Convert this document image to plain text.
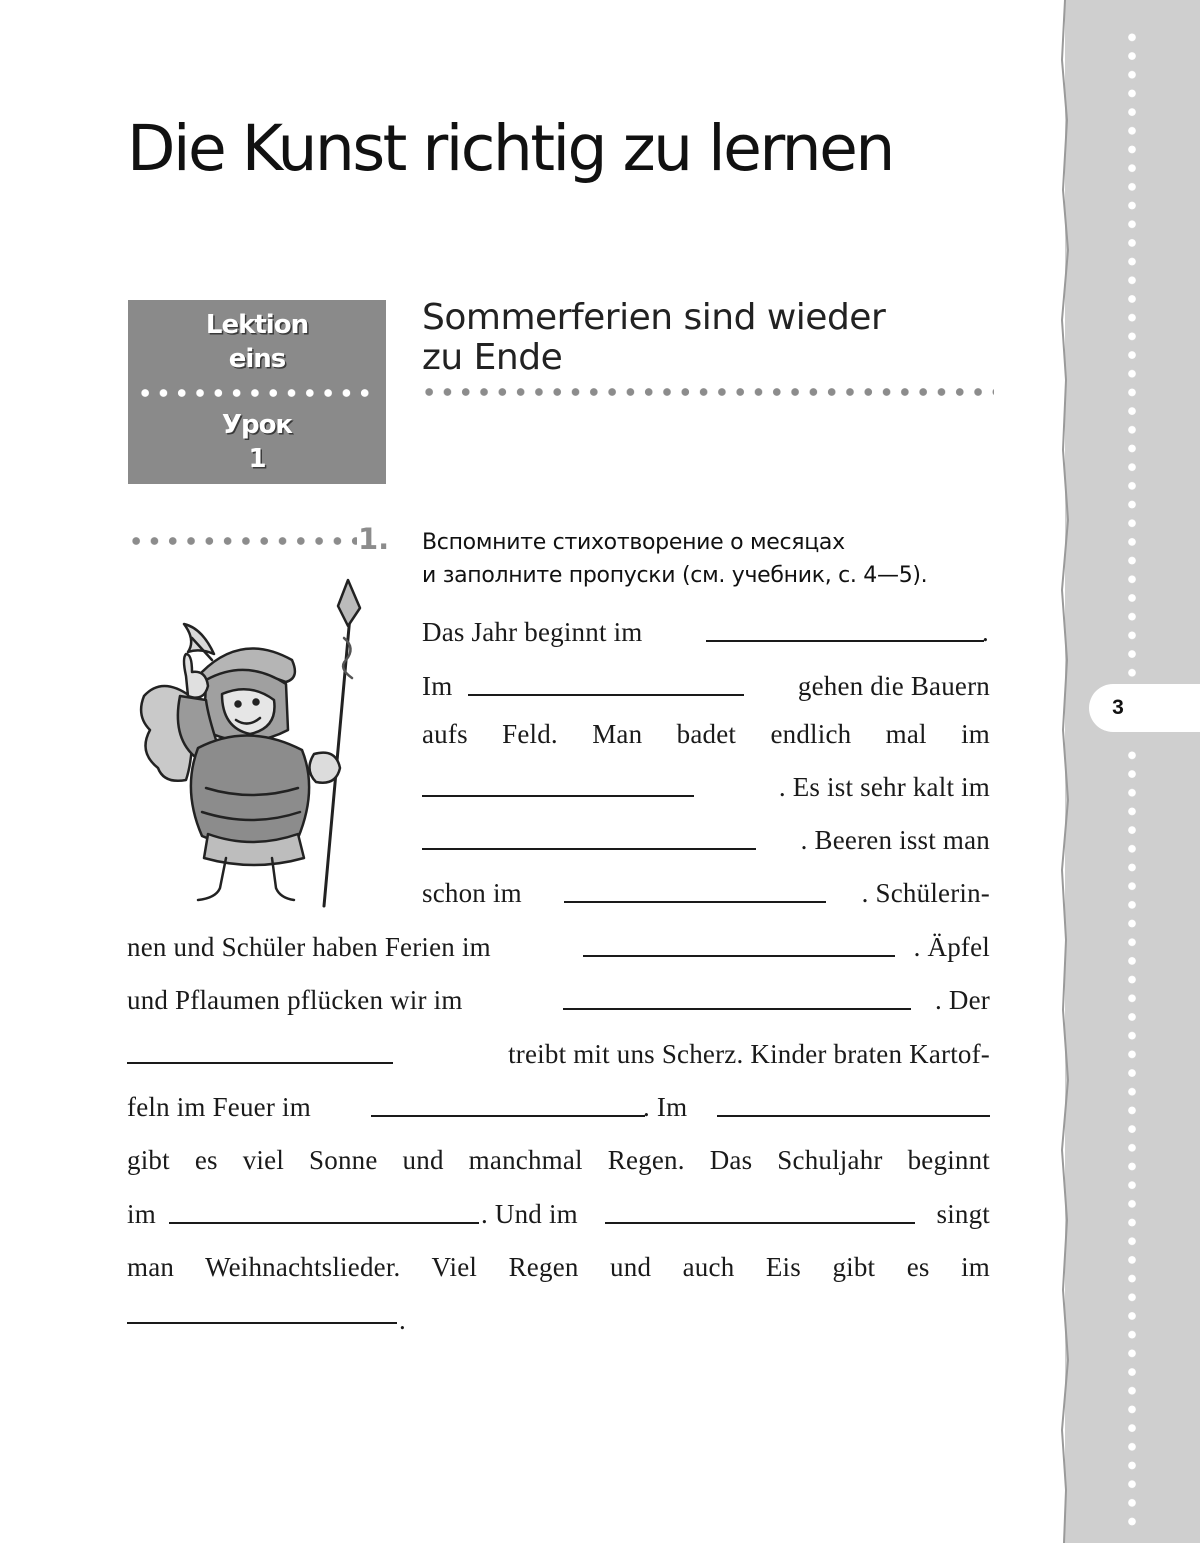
3
Die Kunst richtig zu lernen
Lektion
eins
Урок
1
Sommerferien sind wieder
zu Ende
1. Вспомните стихотворение о месяцах
и заполните пропуски (см. учебник, с. 4—5).
Das Jahr beginnt im	.
Im	gehen die Bauern
aufs Feld. Man badet endlich mal im
. Es ist sehr kalt im
. Beeren isst man
schon im	. Schülerin-
nen und Schüler haben Ferien im	. Äpfel
und Pflaumen pflücken wir im	. Der
treibt mit uns Scherz. Kinder braten Kartof-
feln im Feuer im	. Im
gibt es viel Sonne und manchmal Regen. Das Schuljahr beginnt
im	. Und im	singt
man Weihnachtslieder. Viel Regen und auch Eis gibt es im
.
